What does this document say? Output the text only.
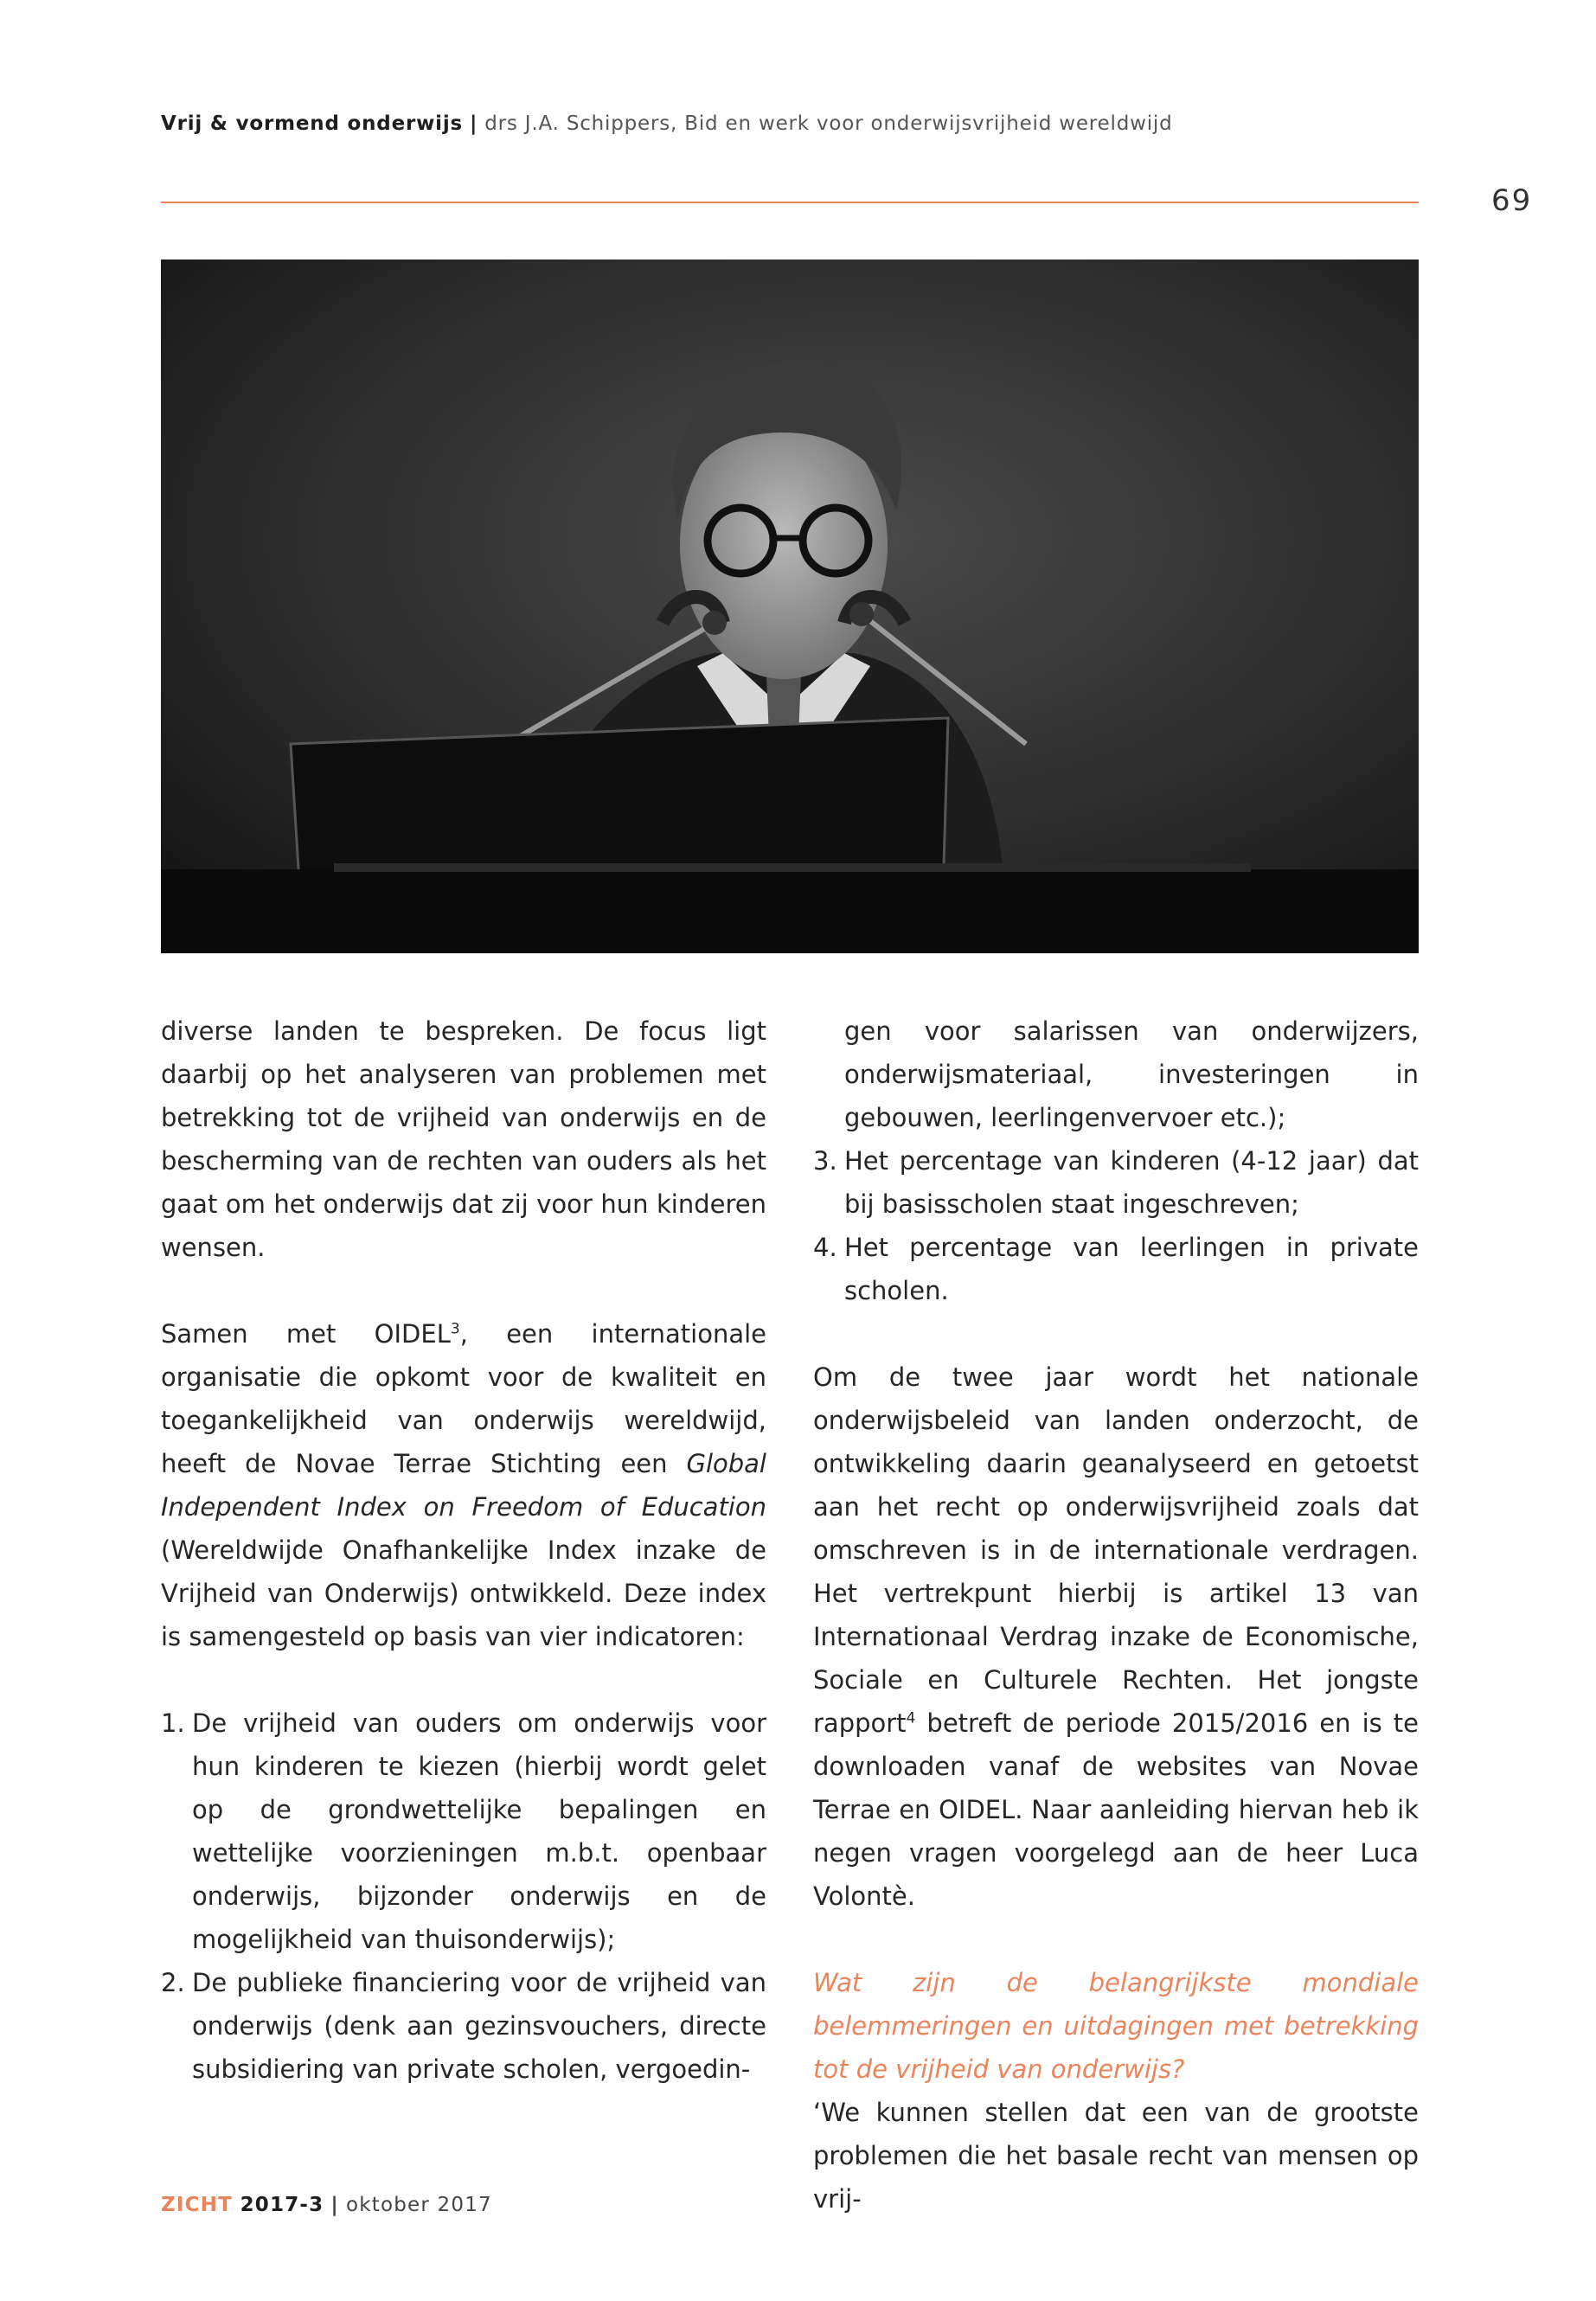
Vrij & vormend onderwijs | drs J.A. Schippers, Bid en werk voor onderwijsvrijheid wereldwijd
69

diverse landen te bespreken. De focus ligt daarbij op het analyseren van problemen met betrekking tot de vrijheid van onderwijs en de bescherming van de rechten van ouders als het gaat om het onderwijs dat zij voor hun kinderen wensen.

Samen met OIDEL$^3$, een internationale organisatie die opkomt voor de kwaliteit en toegankelijkheid van onderwijs wereldwijd, heeft de Novae Terrae Stichting een Global Independent Index on Freedom of Education (Wereldwijde Onafhankelijke Index inzake de Vrijheid van Onderwijs) ontwikkeld. Deze index is samengesteld op basis van vier indicatoren:

1. De vrijheid van ouders om onderwijs voor hun kinderen te kiezen (hierbij wordt gelet op de grondwettelijke bepalingen en wettelijke voorzieningen m.b.t. openbaar onderwijs, bijzonder onderwijs en de mogelijkheid van thuisonderwijs);
2. De publieke financiering voor de vrijheid van onderwijs (denk aan gezinsvouchers, directe subsidiering van private scholen, vergoedin-
gen voor salarissen van onderwijzers, onderwijsmateriaal, investeringen in gebouwen, leerlingenvervoer etc.);
3. Het percentage van kinderen (4-12 jaar) dat bij basisscholen staat ingeschreven;
4. Het percentage van leerlingen in private scholen.

Om de twee jaar wordt het nationale onderwijsbeleid van landen onderzocht, de ontwikkeling daarin geanalyseerd en getoetst aan het recht op onderwijsvrijheid zoals dat omschreven is in de internationale verdragen. Het vertrekpunt hierbij is artikel 13 van Internationaal Verdrag inzake de Economische, Sociale en Culturele Rechten. Het jongste rapport$^4$ betreft de periode 2015/2016 en is te downloaden vanaf de websites van Novae Terrae en OIDEL. Naar aanleiding hiervan heb ik negen vragen voorgelegd aan de heer Luca Volontè.

Wat zijn de belangrijkste mondiale belemmeringen en uitdagingen met betrekking tot de vrijheid van onderwijs?

‘We kunnen stellen dat een van de grootste problemen die het basale recht van mensen op vrij-

ZICHT 2017-3 | oktober 2017
